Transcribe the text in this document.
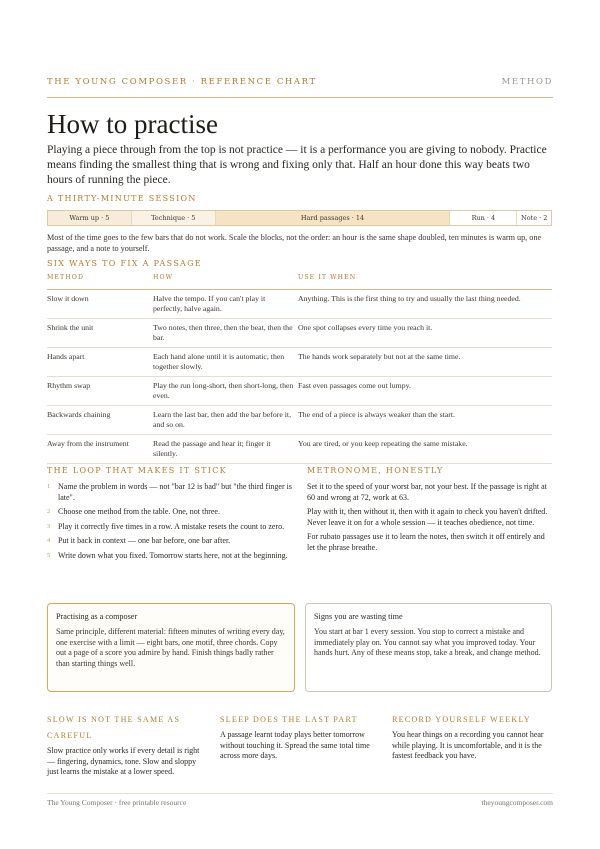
THE YOUNG COMPOSER · REFERENCE CHART	METHOD
How to practise

Playing a piece through from the top is not practice — it is a performance you are giving to nobody. Practice means finding the smallest thing that is wrong and fixing only that. Half an hour done this way beats two hours of running the piece.

A THIRTY-MINUTE SESSION
Warm up · 5	Technique · 5	Hard passages · 14	Run · 4	Note · 2

Most of the time goes to the few bars that do not work. Scale the blocks, not the order: an hour is the same shape doubled, ten minutes is warm up, one passage, and a note to yourself.

SIX WAYS TO FIX A PASSAGE
METHOD	HOW	USE IT WHEN
Slow it down	Halve the tempo. If you can't play it perfectly, halve again.	Anything. This is the first thing to try and usually the last thing needed.
Shrink the unit	Two notes, then three, then the beat, then the bar.	One spot collapses every time you reach it.
Hands apart	Each hand alone until it is automatic, then together slowly.	The hands work separately but not at the same time.
Rhythm swap	Play the run long-short, then short-long, then even.	Fast even passages come out lumpy.
Backwards chaining	Learn the last bar, then add the bar before it, and so on.	The end of a piece is always weaker than the start.
Away from the instrument	Read the passage and hear it; finger it silently.	You are tired, or you keep repeating the same mistake.
THE LOOP THAT MAKES IT STICK
1 Name the problem in words — not "bar 12 is bad" but "the third finger is late".
2 Choose one method from the table. One, not three.
3 Play it correctly five times in a row. A mistake resets the count to zero.
4 Put it back in context — one bar before, one bar after.
5 Write down what you fixed. Tomorrow starts here, not at the beginning.
METRONOME, HONESTLY

Set it to the speed of your worst bar, not your best. If the passage is right at 60 and wrong at 72, work at 63.

Play with it, then without it, then with it again to check you haven't drifted. Never leave it on for a whole session — it teaches obedience, not time.

For rubato passages use it to learn the notes, then switch it off entirely and let the phrase breathe.

Practising as a composer
Same principle, different material: fifteen minutes of writing every day, one exercise with a limit — eight bars, one motif, three chords. Copy out a page of a score you admire by hand. Finish things badly rather than starting things well.
Signs you are wasting time
You start at bar 1 every session. You stop to correct a mistake and immediately play on. You cannot say what you improved today. Your hands hurt. Any of these means stop, take a break, and change method.
SLOW IS NOT THE SAME AS
CAREFUL
Slow practice only works if every detail is right — fingering, dynamics, tone. Slow and sloppy just learns the mistake at a lower speed.
SLEEP DOES THE LAST PART
A passage learnt today plays better tomorrow without touching it. Spread the same total time across more days.
RECORD YOURSELF WEEKLY
You hear things on a recording you cannot hear while playing. It is uncomfortable, and it is the fastest feedback you have.
The Young Composer · free printable resource	theyoungcomposer.com
